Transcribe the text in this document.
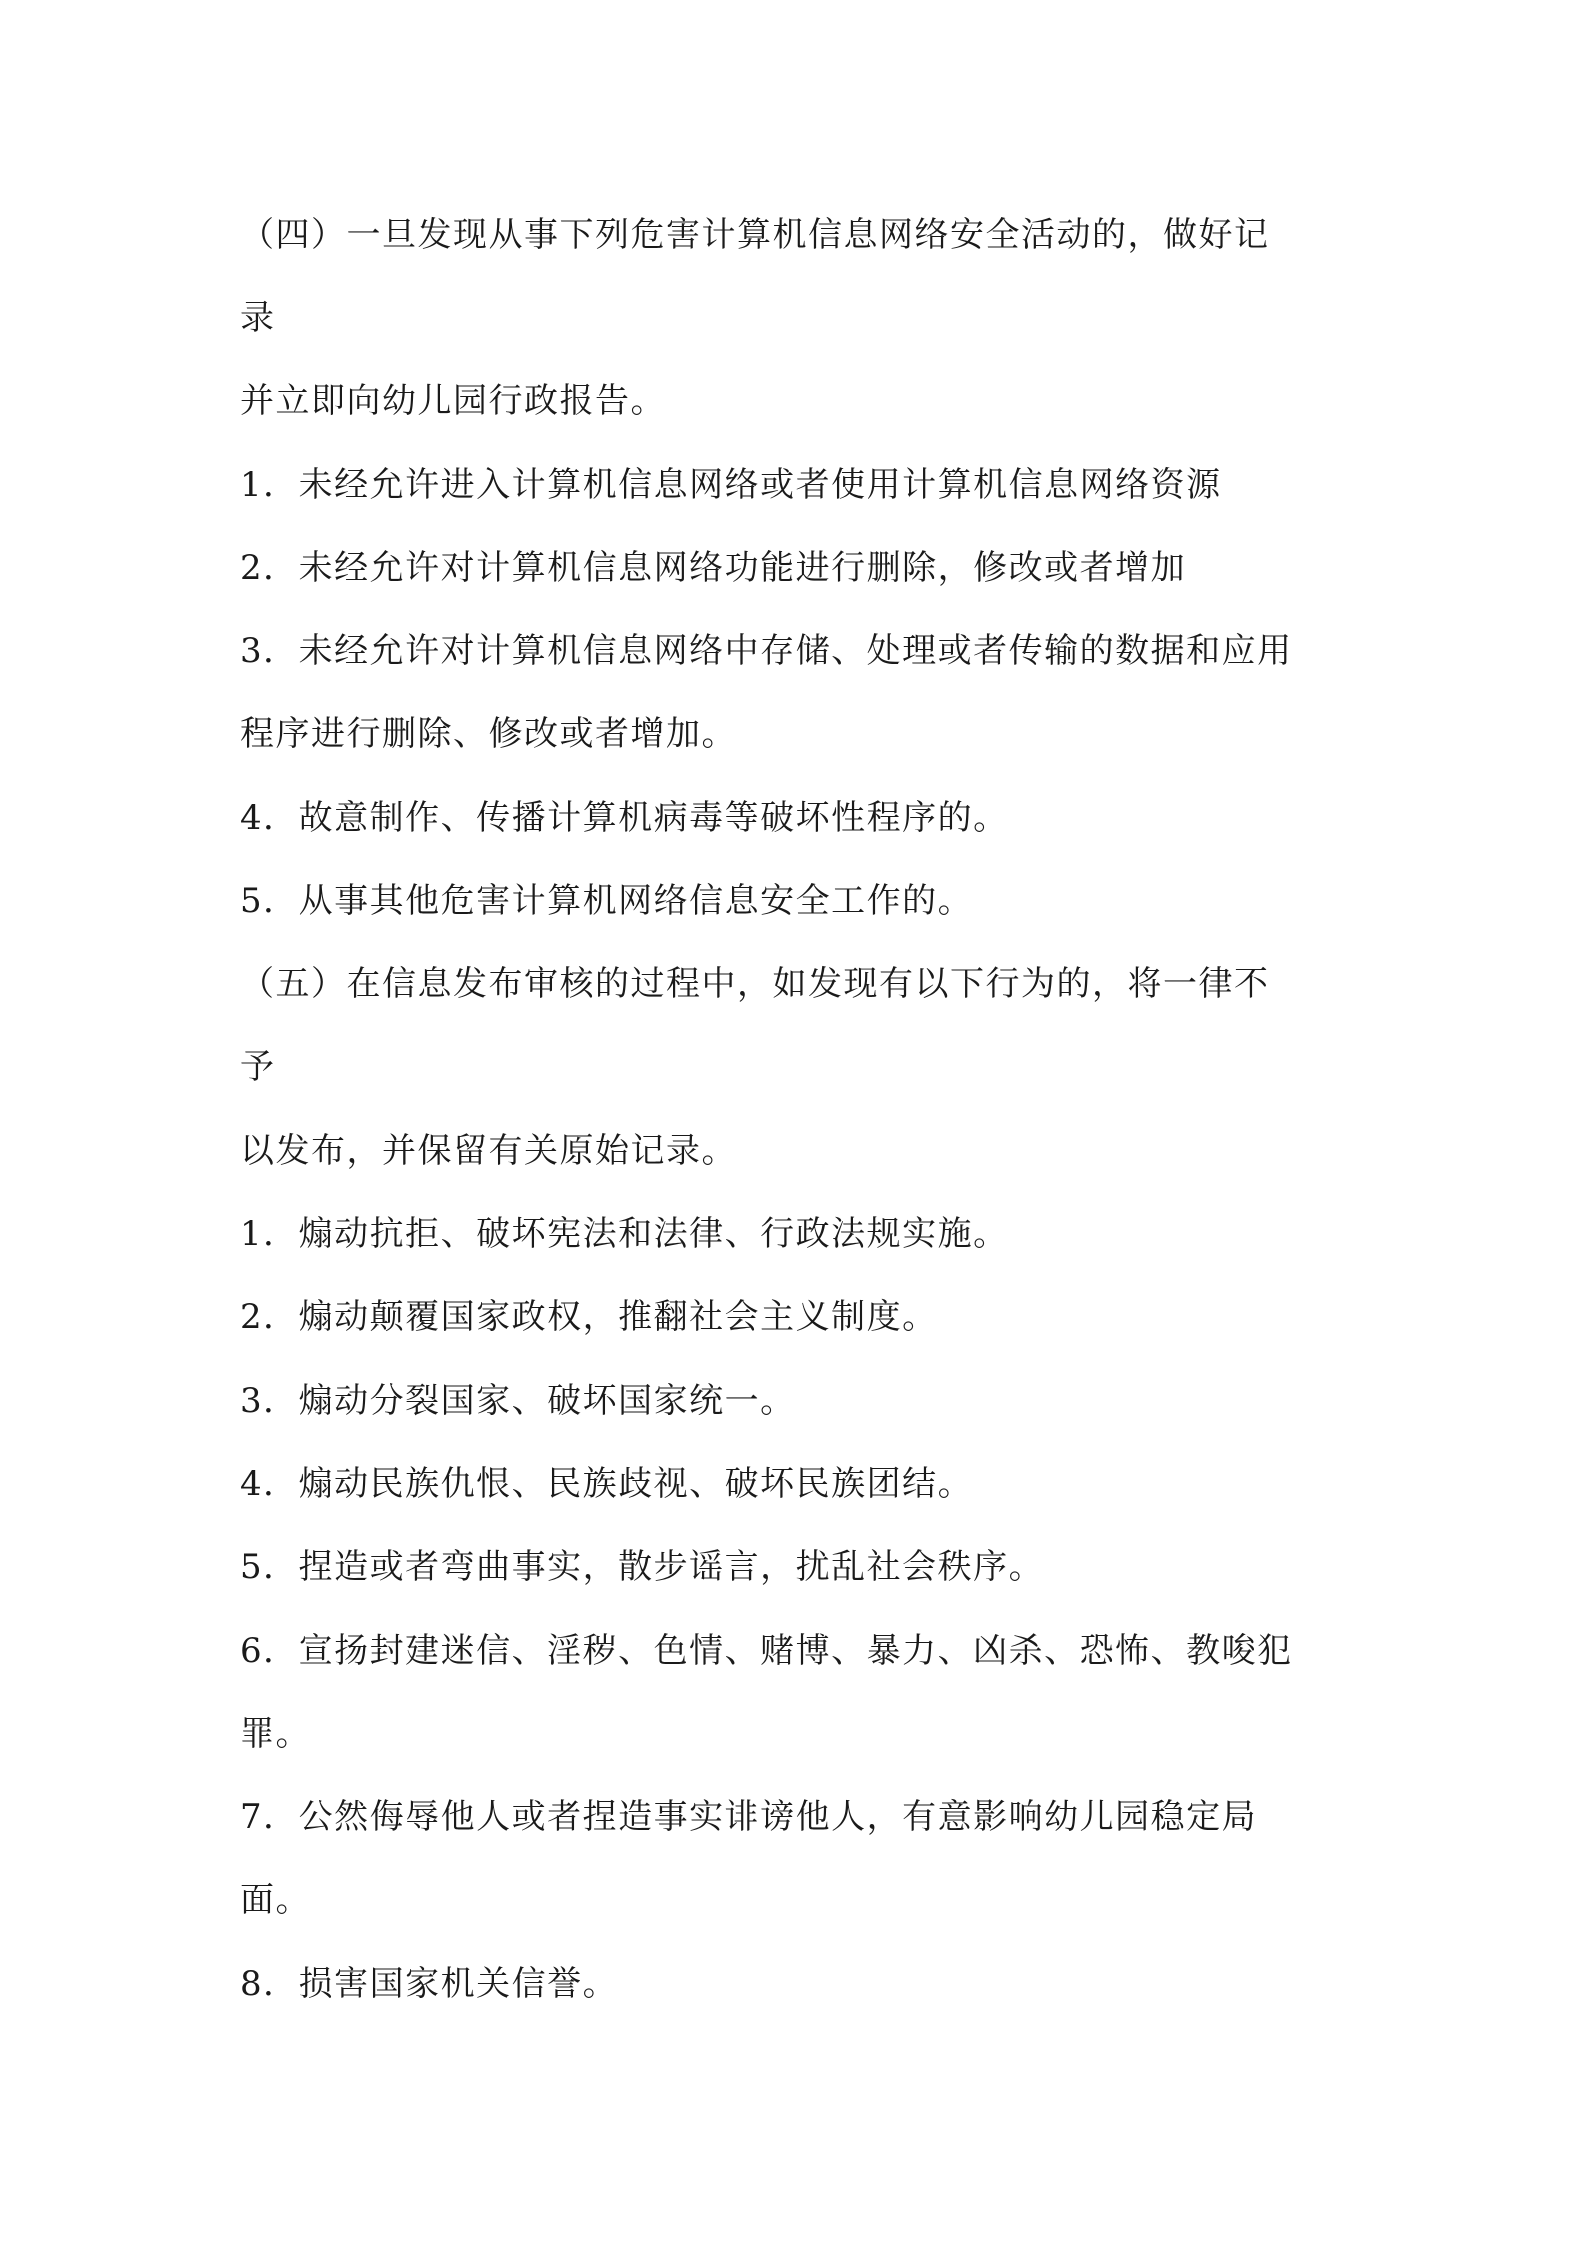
（四）一旦发现从事下列危害计算机信息网络安全活动的，做好记
录
并立即向幼儿园行政报告。
1．未经允许进入计算机信息网络或者使用计算机信息网络资源
2．未经允许对计算机信息网络功能进行删除，修改或者增加
3．未经允许对计算机信息网络中存储、处理或者传输的数据和应用
程序进行删除、修改或者增加。
4．故意制作、传播计算机病毒等破坏性程序的。
5．从事其他危害计算机网络信息安全工作的。
（五）在信息发布审核的过程中，如发现有以下行为的，将一律不
予
以发布，并保留有关原始记录。
1．煽动抗拒、破坏宪法和法律、行政法规实施。
2．煽动颠覆国家政权，推翻社会主义制度。
3．煽动分裂国家、破坏国家统一。
4．煽动民族仇恨、民族歧视、破坏民族团结。
5．捏造或者弯曲事实，散步谣言，扰乱社会秩序。
6．宣扬封建迷信、淫秽、色情、赌博、暴力、凶杀、恐怖、教唆犯
罪。
7．公然侮辱他人或者捏造事实诽谤他人，有意影响幼儿园稳定局
面。
8．损害国家机关信誉。
